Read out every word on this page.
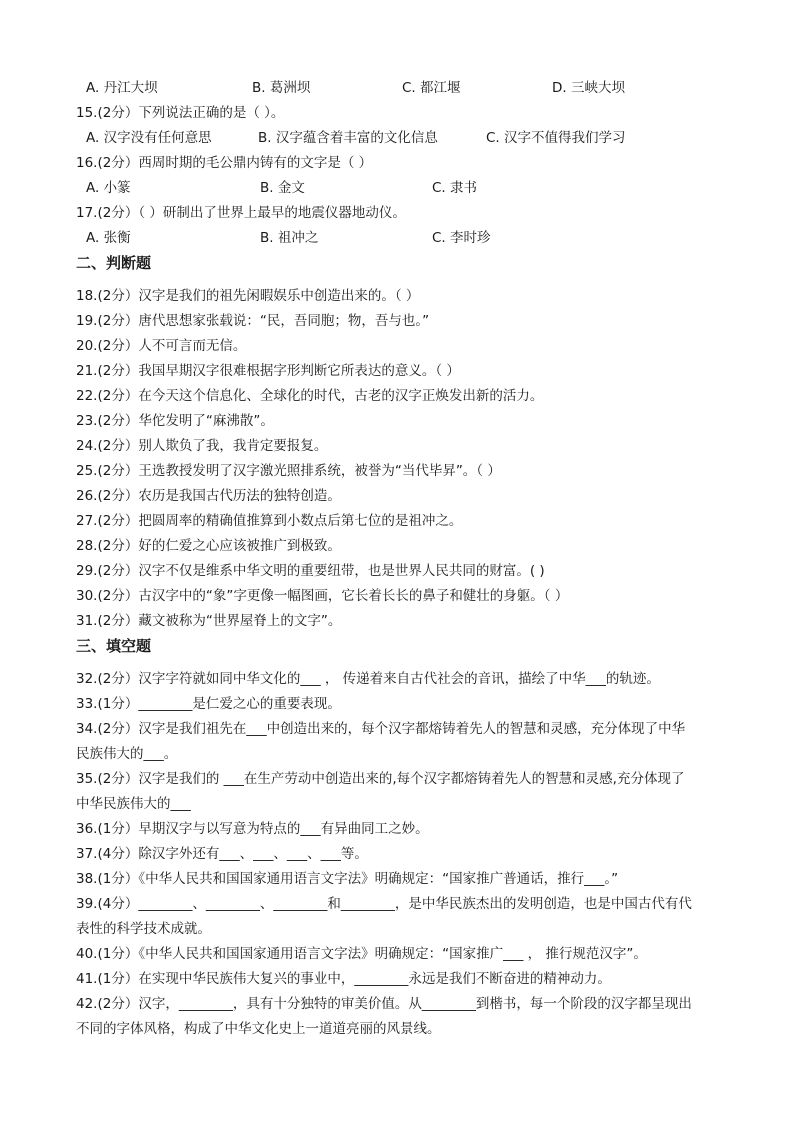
A. 丹江大坝	B. 葛洲坝	C. 都江堰	D. 三峡大坝
15.(2分）下列说法正确的是（ ）。
A. 汉字没有任何意思	B. 汉字蕴含着丰富的文化信息	C. 汉字不值得我们学习
16.(2分）西周时期的毛公鼎内铸有的文字是（ ）
A. 小篆	B. 金文	C. 隶书
17.(2分）（ ）研制出了世界上最早的地震仪器地动仪。
A. 张衡	B. 祖冲之	C. 李时珍
二、判断题
18.(2分）汉字是我们的祖先闲暇娱乐中创造出来的。（ ）
19.(2分）唐代思想家张载说：“民，吾同胞；物，吾与也。”
20.(2分）人不可言而无信。
21.(2分）我国早期汉字很难根据字形判断它所表达的意义。（ ）
22.(2分）在今天这个信息化、全球化的时代，古老的汉字正焕发出新的活力。
23.(2分）华佗发明了“麻沸散”。
24.(2分）别人欺负了我，我肯定要报复。
25.(2分）王选教授发明了汉字激光照排系统，被誉为“当代毕昇”。（ ）
26.(2分）农历是我国古代历法的独特创造。
27.(2分）把圆周率的精确值推算到小数点后第七位的是祖冲之。
28.(2分）好的仁爱之心应该被推广到极致。
29.(2分）汉字不仅是维系中华文明的重要纽带，也是世界人民共同的财富。( )
30.(2分）古汉字中的“象”字更像一幅图画，它长着长长的鼻子和健壮的身躯。（ ）
31.(2分）藏文被称为“世界屋脊上的文字”。
三、填空题
32.(2分）汉字字符就如同中华文化的___ ， 传递着来自古代社会的音讯，描绘了中华___的轨迹。
33.(1分）________是仁爱之心的重要表现。
34.(2分）汉字是我们祖先在___中创造出来的，每个汉字都熔铸着先人的智慧和灵感，充分体现了中华
民族伟大的___。
35.(2分）汉字是我们的 ___在生产劳动中创造出来的,每个汉字都熔铸着先人的智慧和灵感,充分体现了
中华民族伟大的___
36.(1分）早期汉字与以写意为特点的___有异曲同工之妙。
37.(4分）除汉字外还有___、___、___、___等。
38.(1分）《中华人民共和国国家通用语言文字法》明确规定：“国家推广普通话，推行___。”
39.(4分）________、________、________和________，是中华民族杰出的发明创造，也是中国古代有代
表性的科学技术成就。
40.(1分）《中华人民共和国国家通用语言文字法》明确规定：“国家推广___ ， 推行规范汉字”。
41.(1分）在实现中华民族伟大复兴的事业中，________永远是我们不断奋进的精神动力。
42.(2分）汉字，________，具有十分独特的审美价值。从________到楷书，每一个阶段的汉字都呈现出
不同的字体风格，构成了中华文化史上一道道亮丽的风景线。
